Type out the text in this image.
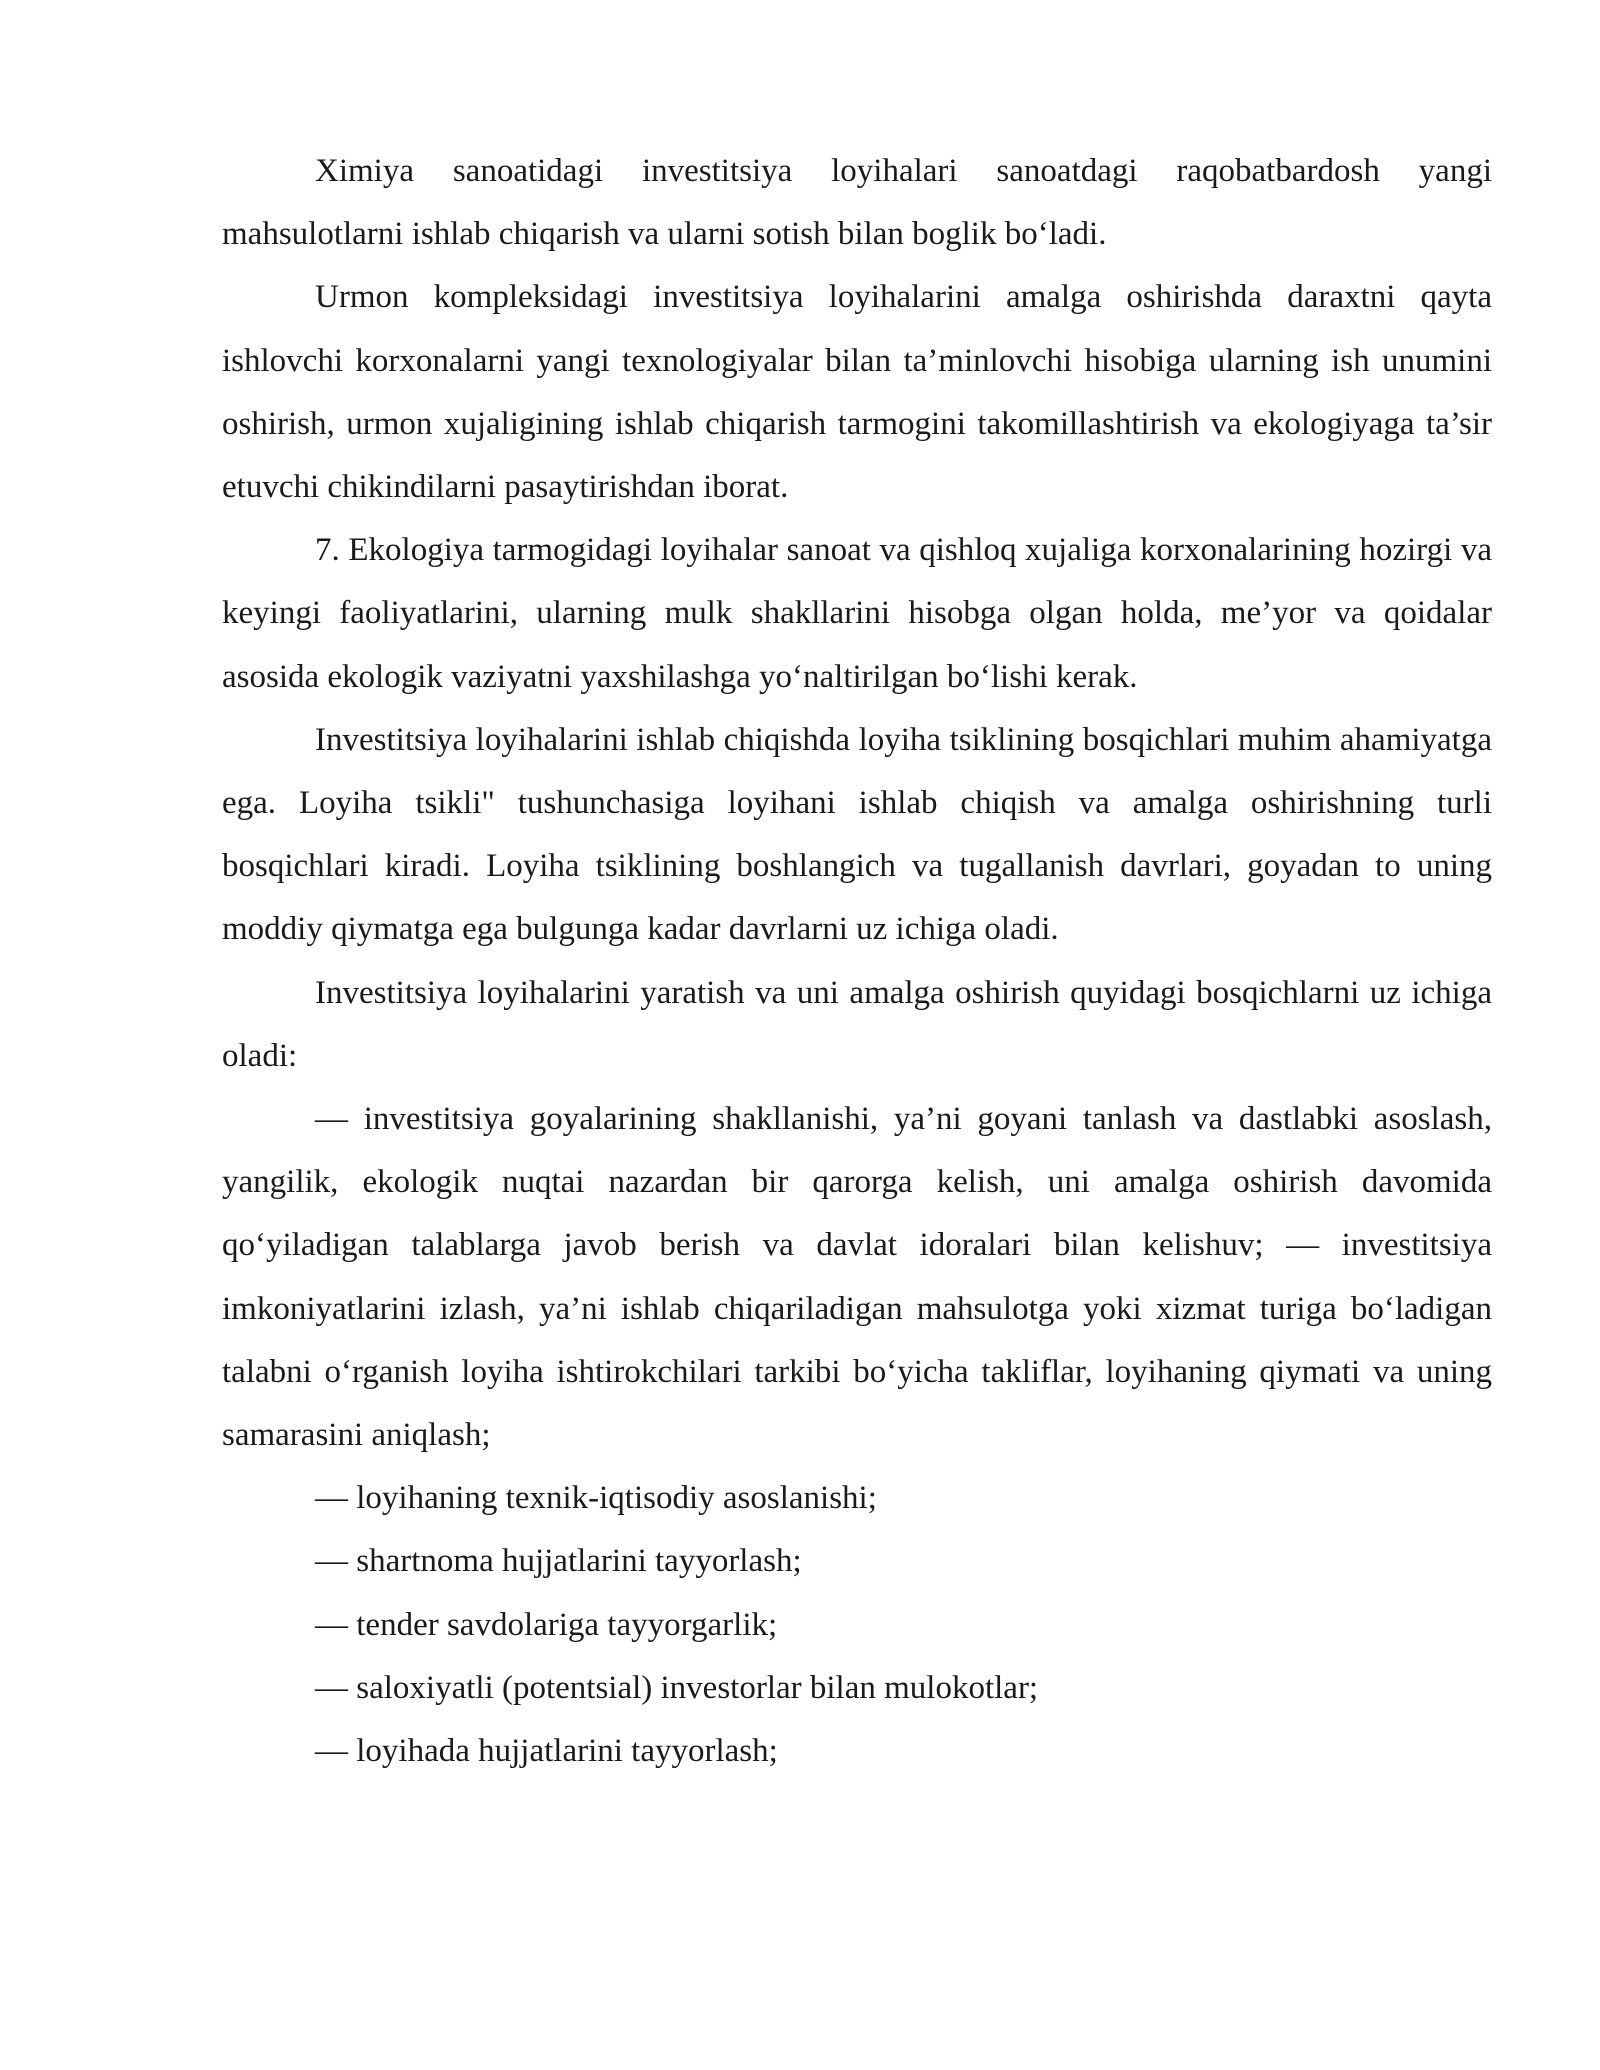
Ximiya sanoatidagi investitsiya loyihalari sanoatdagi raqobatbardosh yangi mahsulotlarni ishlab chiqarish va ularni sotish bilan boglik bo‘ladi.

Urmon kompleksidagi investitsiya loyihalarini amalga oshirishda daraxtni qayta ishlovchi korxonalarni yangi texnologiyalar bilan ta’minlovchi hisobiga ularning ish unumini oshirish, urmon xujaligining ishlab chiqarish tarmogini takomillashtirish va ekologiyaga ta’sir etuvchi chikindilarni pasaytirishdan iborat.

7. Ekologiya tarmogidagi loyihalar sanoat va qishloq xujaliga korxonalarining hozirgi va keyingi faoliyatlarini, ularning mulk shakllarini hisobga olgan holda, me’yor va qoidalar asosida ekologik vaziyatni yaxshilashga yo‘naltirilgan bo‘lishi kerak.

Investitsiya loyihalarini ishlab chiqishda loyiha tsiklining bosqichlari muhim ahamiyatga ega. Loyiha tsikli" tushunchasiga loyihani ishlab chiqish va amalga oshirishning turli bosqichlari kiradi. Loyiha tsiklining boshlangich va tugallanish davrlari, goyadan to uning moddiy qiymatga ega bulgunga kadar davrlarni uz ichiga oladi.

Investitsiya loyihalarini yaratish va uni amalga oshirish quyidagi bosqichlarni uz ichiga oladi:

— investitsiya goyalarining shakllanishi, ya’ni goyani tanlash va dastlabki asoslash, yangilik, ekologik nuqtai nazardan bir qarorga kelish, uni amalga oshirish davomida qo‘yiladigan talablarga javob berish va davlat idoralari bilan kelishuv; — investitsiya imkoniyatlarini izlash, ya’ni ishlab chiqariladigan mahsulotga yoki xizmat turiga bo‘ladigan talabni o‘rganish loyiha ishtirokchilari tarkibi bo‘yicha takliflar, loyihaning qiymati va uning samarasini aniqlash;

— loyihaning texnik-iqtisodiy asoslanishi;

— shartnoma hujjatlarini tayyorlash;

— tender savdolariga tayyorgarlik;

— saloxiyatli (potentsial) investorlar bilan mulokotlar;

— loyihada hujjatlarini tayyorlash;
